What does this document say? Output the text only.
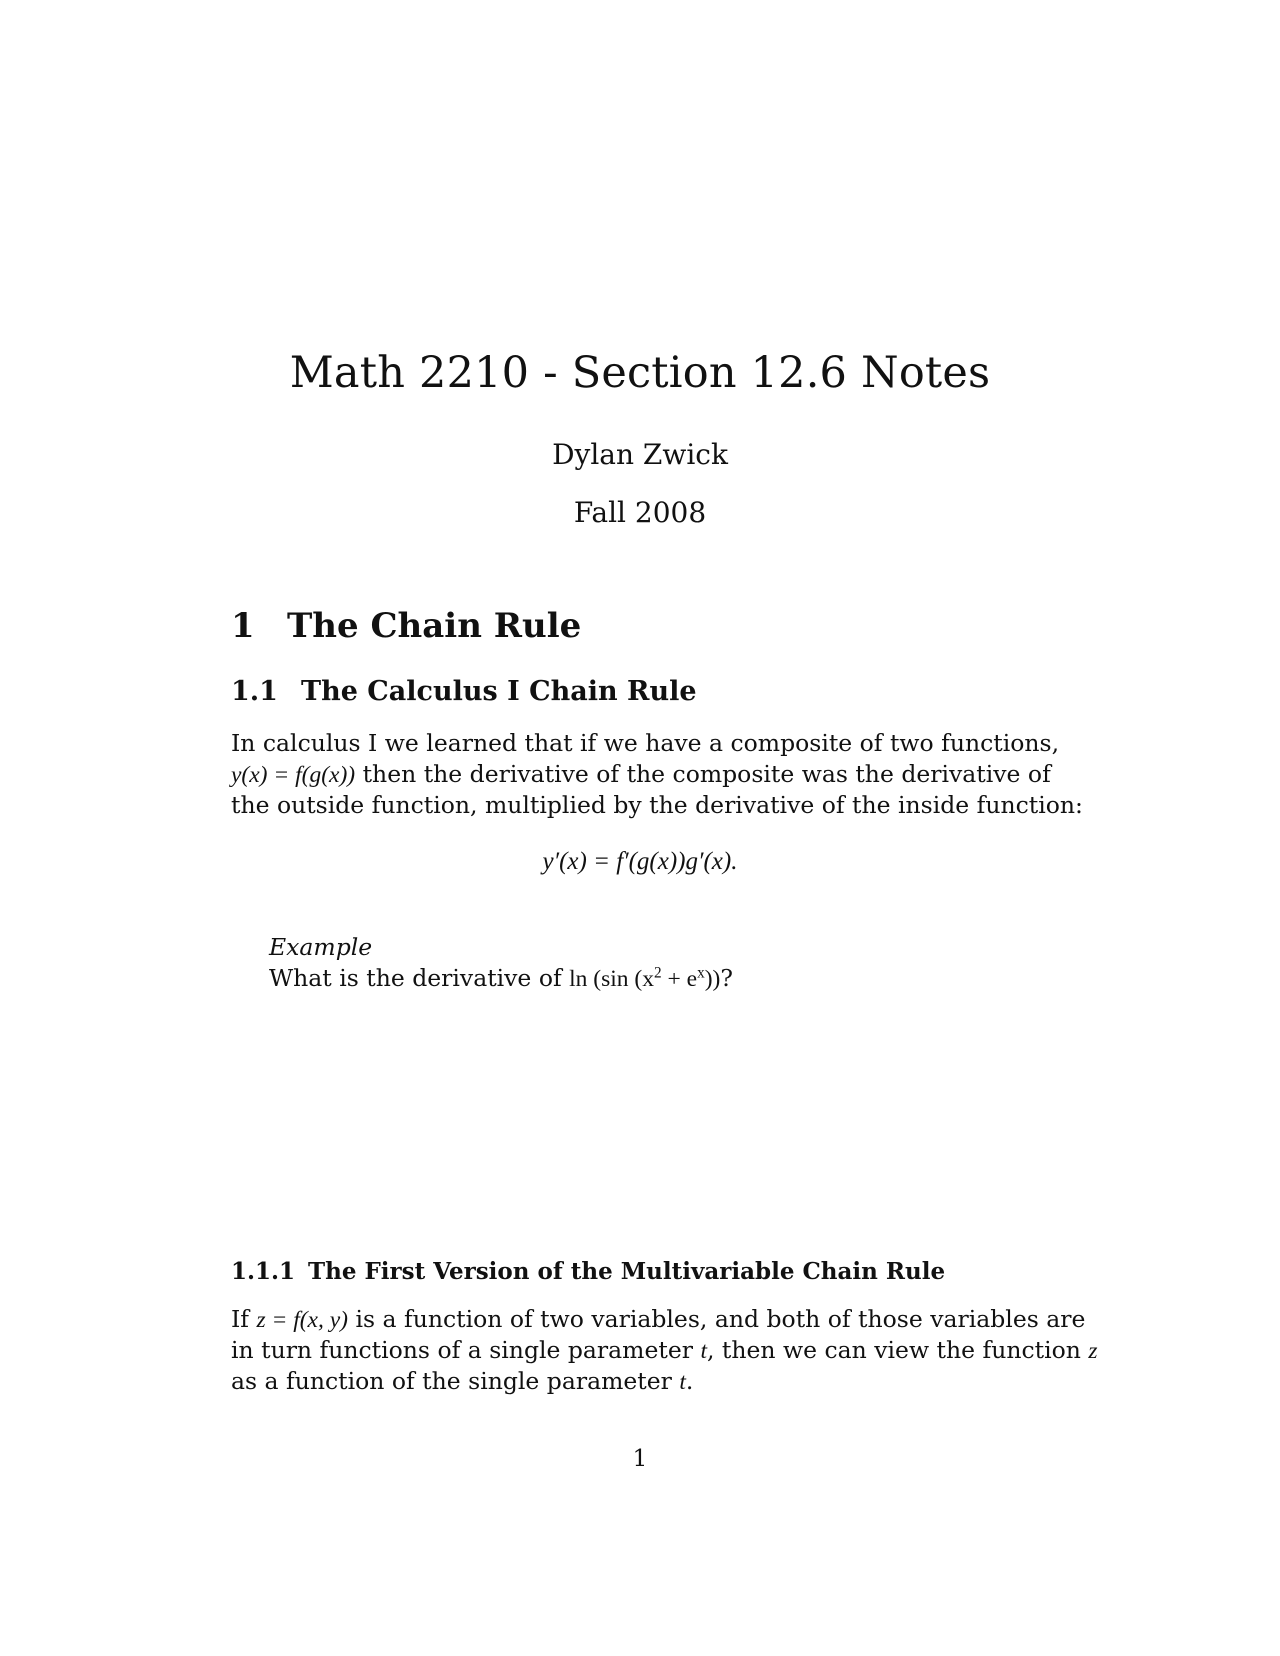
Math 2210 - Section 12.6 Notes
Dylan Zwick
Fall 2008
1 The Chain Rule
1.1 The Calculus I Chain Rule
In calculus I we learned that if we have a composite of two functions,
y(x) = f(g(x)) then the derivative of the composite was the derivative of
the outside function, multiplied by the derivative of the inside function:
y′(x) = f′(g(x))g′(x).
Example
What is the derivative of ln (sin $(x^2 + e^x)$)?
1.1.1 The First Version of the Multivariable Chain Rule
If z = f(x, y) is a function of two variables, and both of those variables are
in turn functions of a single parameter t, then we can view the function z
as a function of the single parameter t.
1
